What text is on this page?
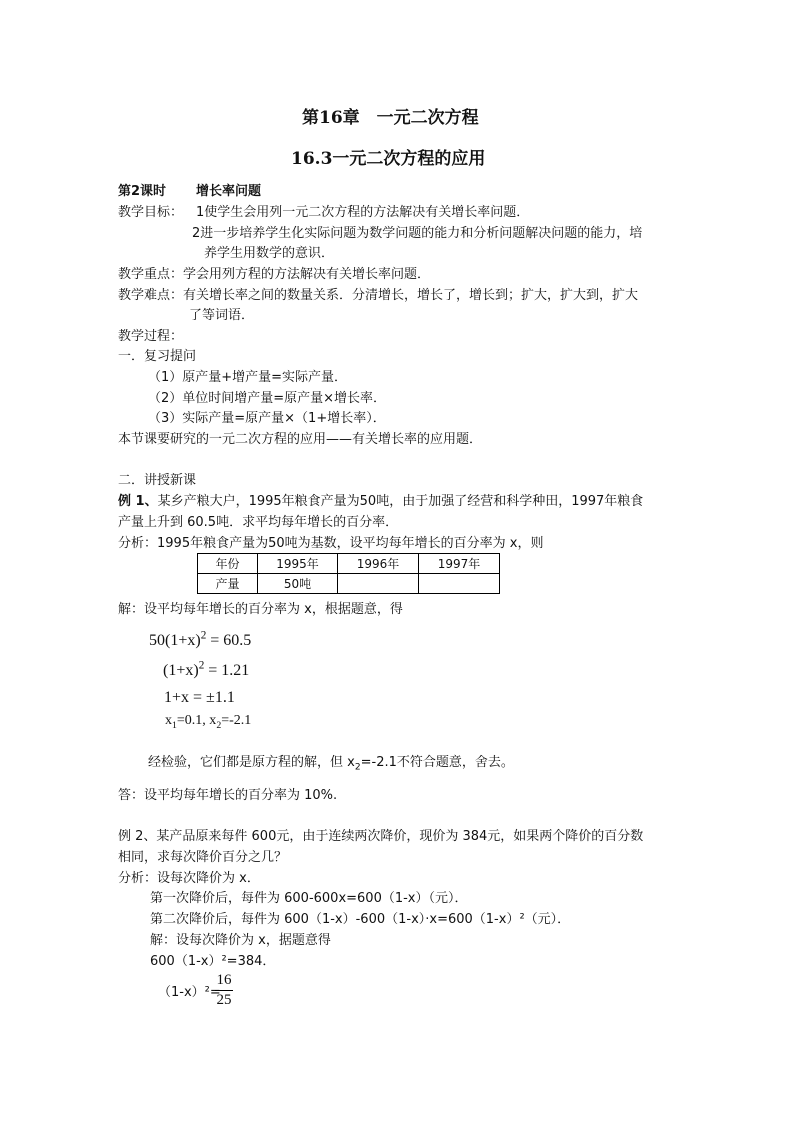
第16章　一元二次方程
16.3一元二次方程的应用
第2课时 增长率问题
教学目标： 1使学生会用列一元二次方程的方法解决有关增长率问题．
2进一步培养学生化实际问题为数学问题的能力和分析问题解决问题的能力，培
养学生用数学的意识．
教学重点：学会用列方程的方法解决有关增长率问题．
教学难点：有关增长率之间的数量关系．分清增长，增长了，增长到；扩大，扩大到，扩大
了等词语．
教学过程：
一．复习提问
（1）原产量+增产量=实际产量．
（2）单位时间增产量=原产量×增长率．
（3）实际产量=原产量×（1+增长率）．
本节课要研究的一元二次方程的应用——有关增长率的应用题．
二．讲授新课
例 1、某乡产粮大户，1995年粮食产量为50吨，由于加强了经营和科学种田，1997年粮食
产量上升到 60.5吨．求平均每年增长的百分率．
分析：1995年粮食产量为50吨为基数，设平均每年增长的百分率为 x，则
年份	1995年	1996年	1997年
产量	50吨		
解：设平均每年增长的百分率为 x，根据题意，得
$50(1+x)^2 = 60.5$
$(1+x)^2 = 1.21$
1+x = ±1.1
$x_1=0.1$, $x_2=-2.1$
经检验，它们都是原方程的解，但 $x_2=-2.1$不符合题意，舍去。
答：设平均每年增长的百分率为 10%.
例 2、某产品原来每件 600元，由于连续两次降价，现价为 384元，如果两个降价的百分数
相同，求每次降价百分之几？
分析：设每次降价为 x．
第一次降价后，每件为 600-600x=600（1-x）（元）．
第二次降价后，每件为 600（1-x）-600（1-x）·x=600（1-x）²（元）．
解：设每次降价为 x，据题意得
600（1-x）²=384．
（1-x）²=
16
25
